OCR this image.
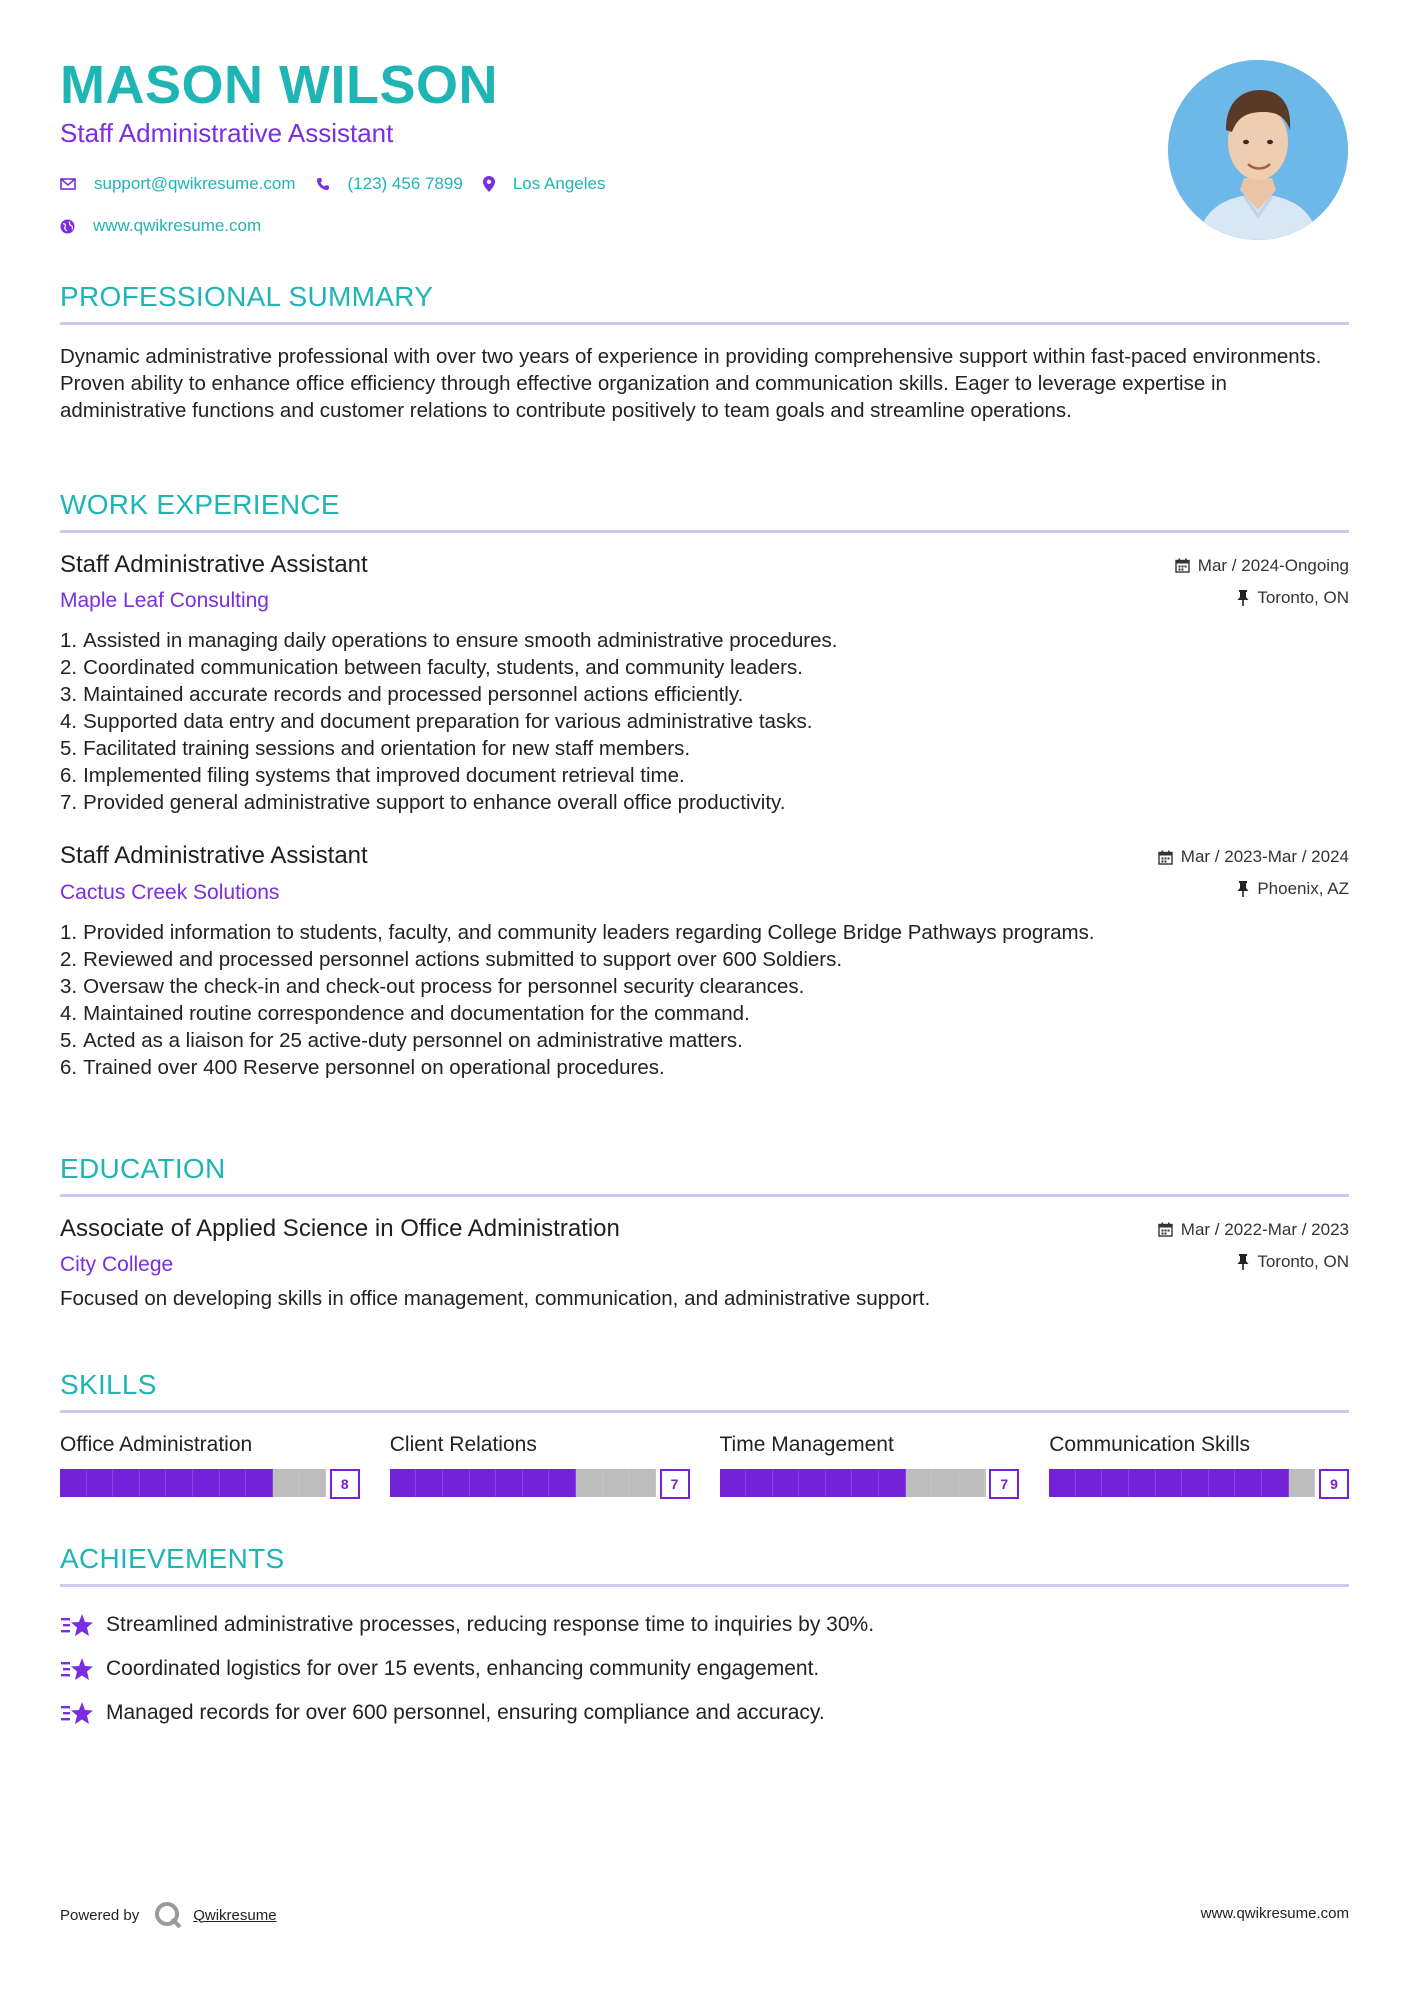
MASON WILSON
Staff Administrative Assistant
support@qwikresume.com	(123) 456 7899	Los Angeles
www.qwikresume.com
PROFESSIONAL SUMMARY
Dynamic administrative professional with over two years of experience in providing comprehensive support within fast-paced environments. Proven ability to enhance office efficiency through effective organization and communication skills. Eager to leverage expertise in administrative functions and customer relations to contribute positively to team goals and streamline operations.
WORK EXPERIENCE
Staff Administrative Assistant
Maple Leaf Consulting
Mar / 2024-Ongoing
Toronto, ON
1. Assisted in managing daily operations to ensure smooth administrative procedures.
2. Coordinated communication between faculty, students, and community leaders.
3. Maintained accurate records and processed personnel actions efficiently.
4. Supported data entry and document preparation for various administrative tasks.
5. Facilitated training sessions and orientation for new staff members.
6. Implemented filing systems that improved document retrieval time.
7. Provided general administrative support to enhance overall office productivity.
Staff Administrative Assistant
Cactus Creek Solutions
Mar / 2023-Mar / 2024
Phoenix, AZ
1. Provided information to students, faculty, and community leaders regarding College Bridge Pathways programs.
2. Reviewed and processed personnel actions submitted to support over 600 Soldiers.
3. Oversaw the check-in and check-out process for personnel security clearances.
4. Maintained routine correspondence and documentation for the command.
5. Acted as a liaison for 25 active-duty personnel on administrative matters.
6. Trained over 400 Reserve personnel on operational procedures.
EDUCATION
Associate of Applied Science in Office Administration
City College
Mar / 2022-Mar / 2023
Toronto, ON
Focused on developing skills in office management, communication, and administrative support.
SKILLS
Office Administration
8
Client Relations
7
Time Management
7
Communication Skills
9
ACHIEVEMENTS
Streamlined administrative processes, reducing response time to inquiries by 30%.
Coordinated logistics for over 15 events, enhancing community engagement.
Managed records for over 600 personnel, ensuring compliance and accuracy.
Powered by	Qwikresume	www.qwikresume.com
